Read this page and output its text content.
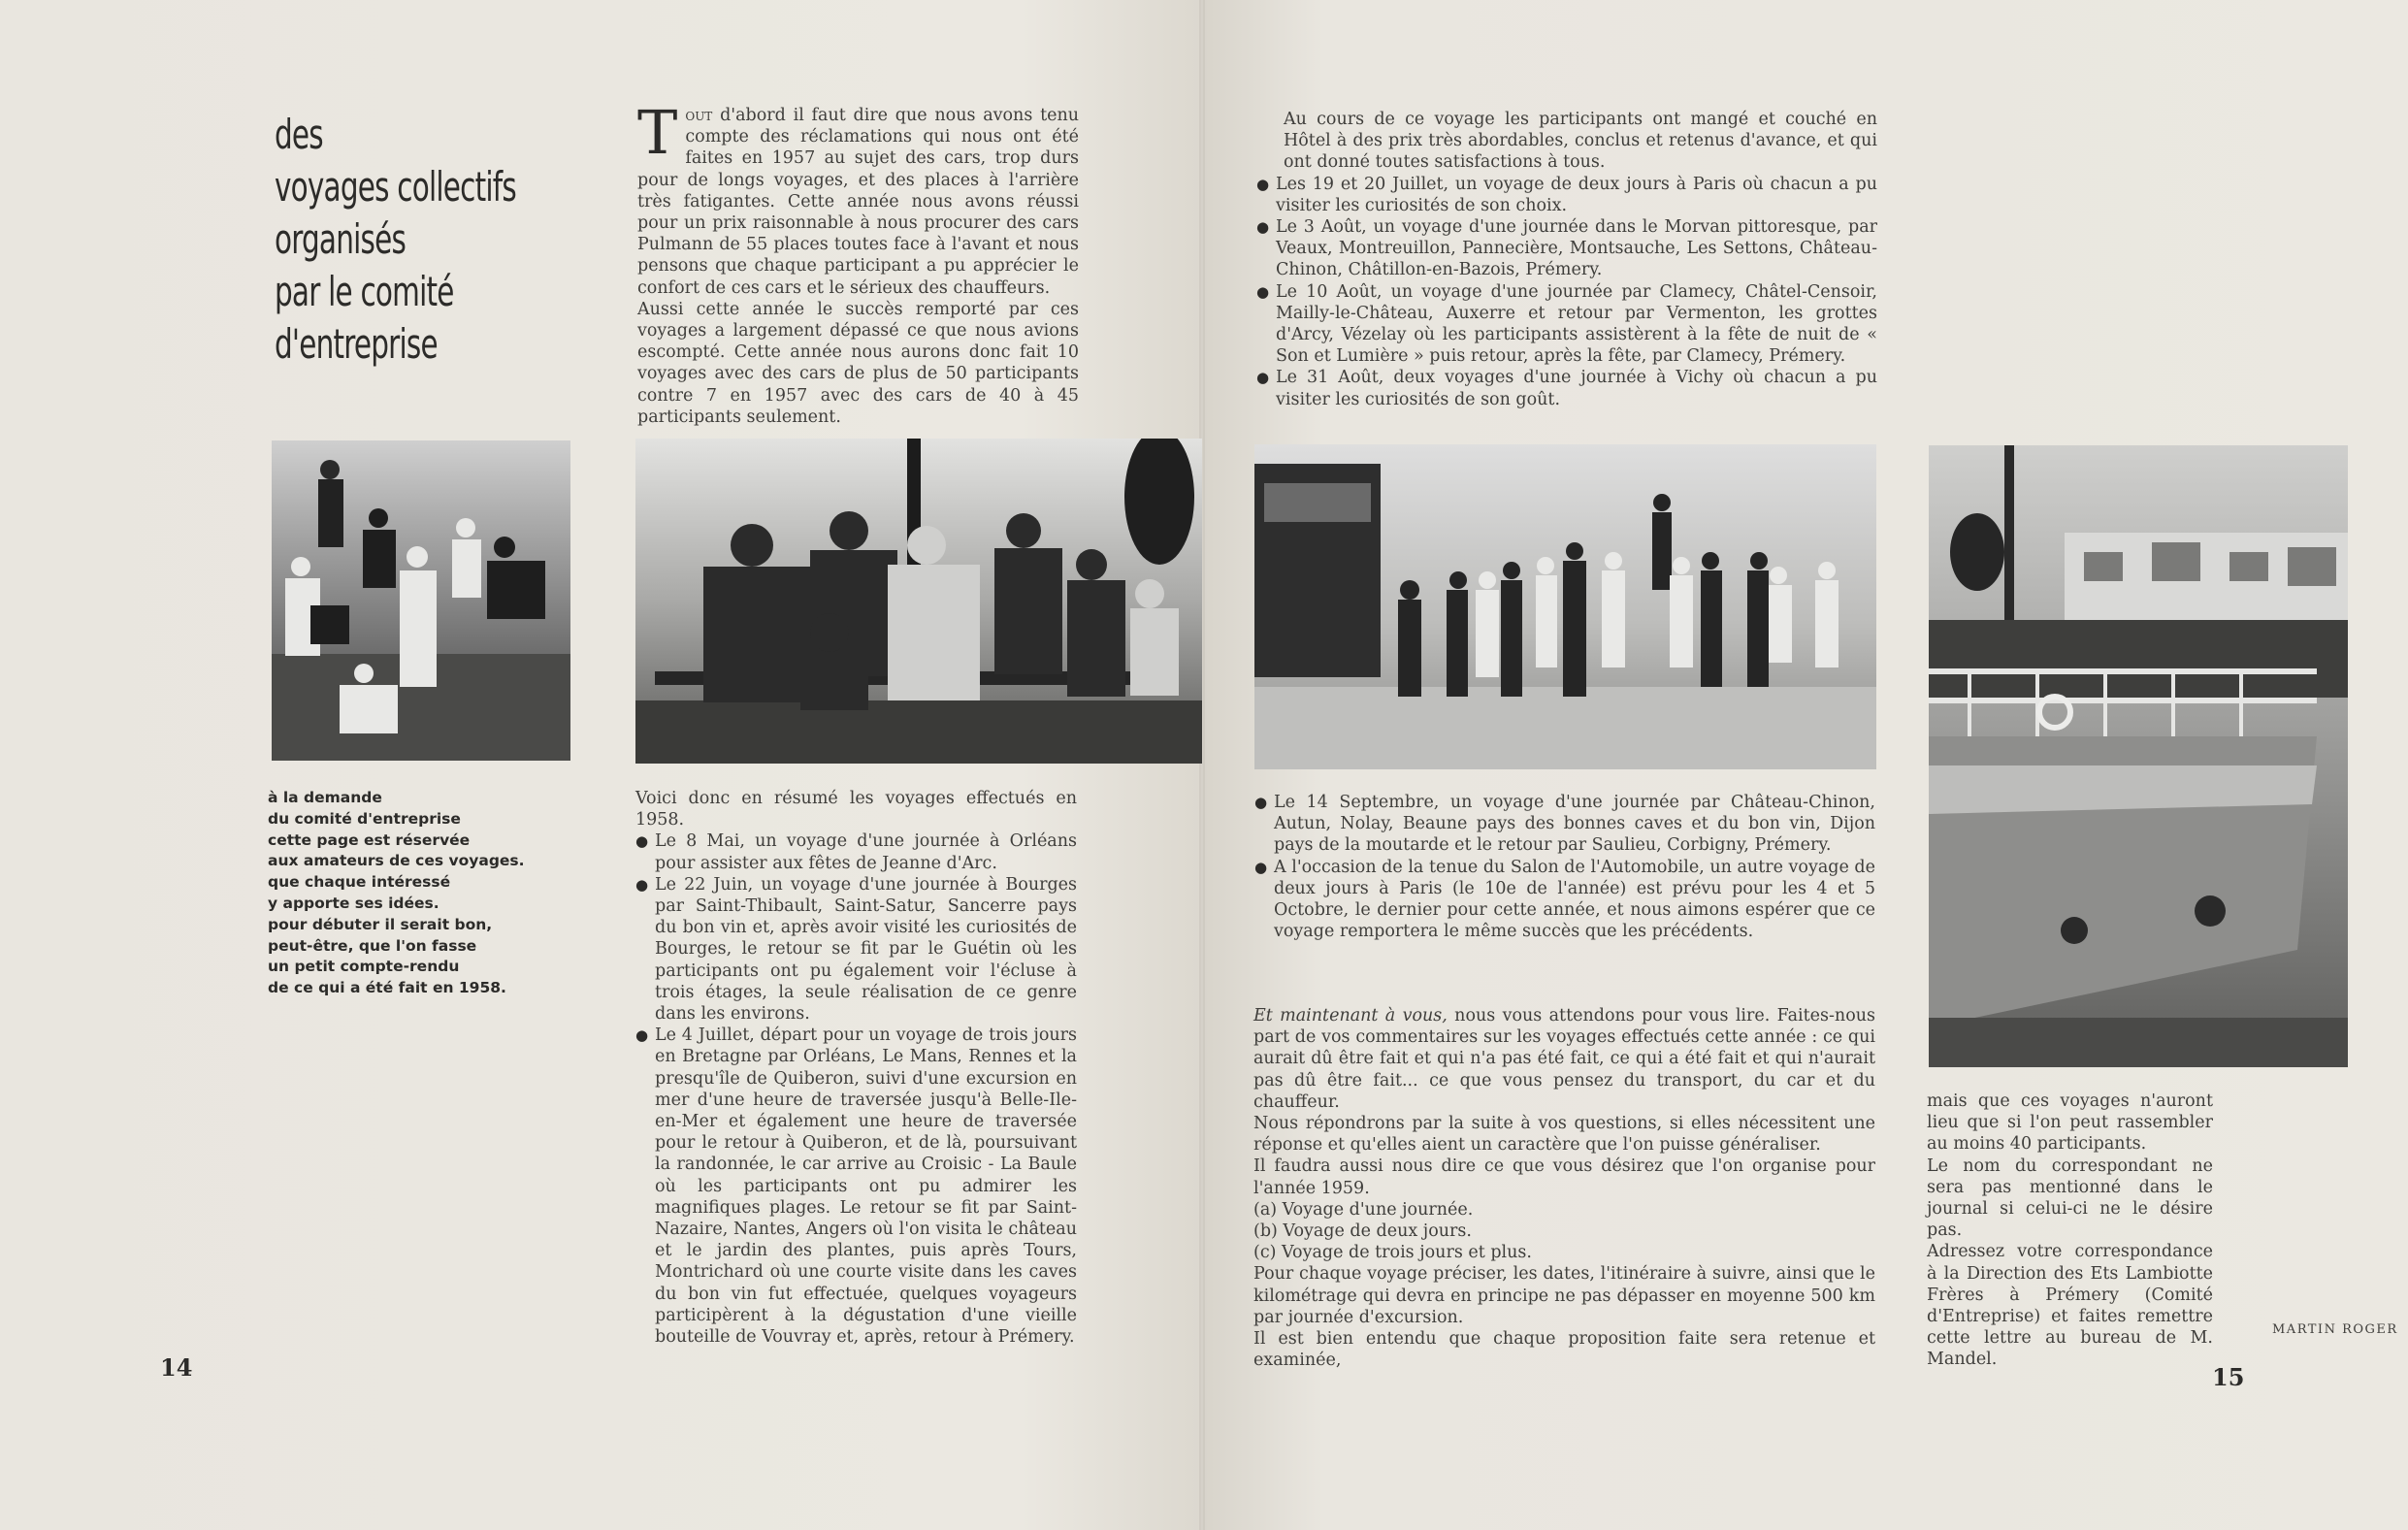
des
voyages collectifs
organisés
par le comité
d'entreprise

Tout d'abord il faut dire que nous avons tenu compte des réclamations qui nous ont été faites en 1957 au sujet des cars, trop durs pour de longs voyages, et des places à l'arrière très fatigantes. Cette année nous avons réussi pour un prix raisonnable à nous procurer des cars Pulmann de 55 places toutes face à l'avant et nous pensons que chaque participant a pu apprécier le confort de ces cars et le sérieux des chauffeurs.

Aussi cette année le succès remporté par ces voyages a largement dépassé ce que nous avions escompté. Cette année nous aurons donc fait 10 voyages avec des cars de plus de 50 participants contre 7 en 1957 avec des cars de 40 à 45 participants seulement.

à la demande
du comité d'entreprise
cette page est réservée
aux amateurs de ces voyages.
que chaque intéressé
y apporte ses idées.
pour débuter il serait bon,
peut-être, que l'on fasse
un petit compte-rendu
de ce qui a été fait en 1958.

Voici donc en résumé les voyages effectués en 1958.

● Le 8 Mai, un voyage d'une journée à Orléans pour assister aux fêtes de Jeanne d'Arc.
● Le 22 Juin, un voyage d'une journée à Bourges par Saint-Thibault, Saint-Satur, Sancerre pays du bon vin et, après avoir visité les curiosités de Bourges, le retour se fit par le Guétin où les participants ont pu également voir l'écluse à trois étages, la seule réalisation de ce genre dans les environs.
● Le 4 Juillet, départ pour un voyage de trois jours en Bretagne par Orléans, Le Mans, Rennes et la presqu'île de Quiberon, suivi d'une excursion en mer d'une heure de traversée jusqu'à Belle-Ile-en-Mer et également une heure de traversée pour le retour à Quiberon, et de là, poursuivant la randonnée, le car arrive au Croisic - La Baule où les participants ont pu admirer les magnifiques plages. Le retour se fit par Saint-Nazaire, Nantes, Angers où l'on visita le château et le jardin des plantes, puis après Tours, Montrichard où une courte visite dans les caves du bon vin fut effectuée, quelques voyageurs participèrent à la dégustation d'une vieille bouteille de Vouvray et, après, retour à Prémery.

Au cours de ce voyage les participants ont mangé et couché en Hôtel à des prix très abordables, conclus et retenus d'avance, et qui ont donné toutes satisfactions à tous.

● Les 19 et 20 Juillet, un voyage de deux jours à Paris où chacun a pu visiter les curiosités de son choix.
● Le 3 Août, un voyage d'une journée dans le Morvan pittoresque, par Veaux, Montreuillon, Pannecière, Montsauche, Les Settons, Château-Chinon, Châtillon-en-Bazois, Prémery.
● Le 10 Août, un voyage d'une journée par Clamecy, Châtel-Censoir, Mailly-le-Château, Auxerre et retour par Vermenton, les grottes d'Arcy, Vézelay où les participants assistèrent à la fête de nuit de « Son et Lumière » puis retour, après la fête, par Clamecy, Prémery.
● Le 31 Août, deux voyages d'une journée à Vichy où chacun a pu visiter les curiosités de son goût.
● Le 14 Septembre, un voyage d'une journée par Château-Chinon, Autun, Nolay, Beaune pays des bonnes caves et du bon vin, Dijon pays de la moutarde et le retour par Saulieu, Corbigny, Prémery.
● A l'occasion de la tenue du Salon de l'Automobile, un autre voyage de deux jours à Paris (le 10e de l'année) est prévu pour les 4 et 5 Octobre, le dernier pour cette année, et nous aimons espérer que ce voyage remportera le même succès que les précédents.

Et maintenant à vous, nous vous attendons pour vous lire. Faites-nous part de vos commentaires sur les voyages effectués cette année : ce qui aurait dû être fait et qui n'a pas été fait, ce qui a été fait et qui n'aurait pas dû être fait... ce que vous pensez du transport, du car et du chauffeur.

Nous répondrons par la suite à vos questions, si elles nécessitent une réponse et qu'elles aient un caractère que l'on puisse généraliser.

Il faudra aussi nous dire ce que vous désirez que l'on organise pour l'année 1959.

(a) Voyage d'une journée.

(b) Voyage de deux jours.

(c) Voyage de trois jours et plus.

Pour chaque voyage préciser, les dates, l'itinéraire à suivre, ainsi que le kilométrage qui devra en principe ne pas dépasser en moyenne 500 km par journée d'excursion.

Il est bien entendu que chaque proposition faite sera retenue et examinée,

mais que ces voyages n'auront lieu que si l'on peut rassembler au moins 40 participants.

Le nom du correspondant ne sera pas mentionné dans le journal si celui-ci ne le désire pas.

Adressez votre correspondance à la Direction des Ets Lambiotte Frères à Prémery (Comité d'Entreprise) et faites remettre cette lettre au bureau de M. Mandel.

MARTIN ROGER
14	15
